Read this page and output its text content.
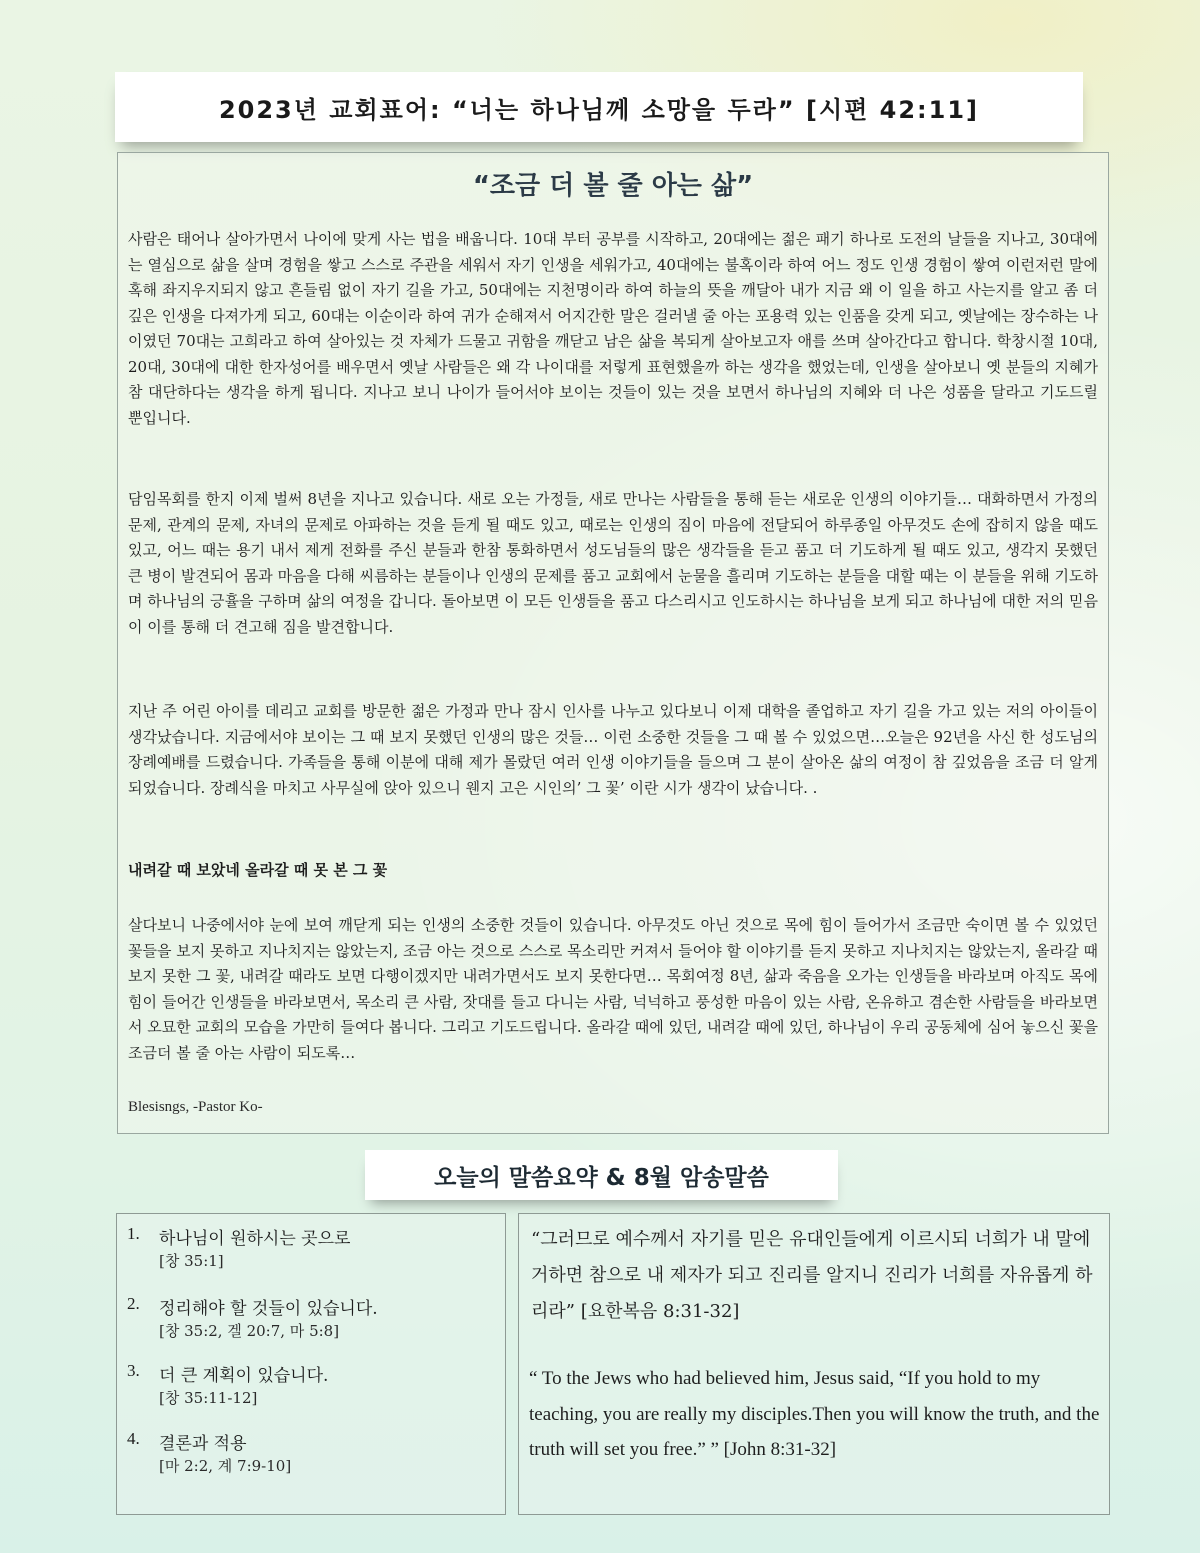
2023년 교회표어: “너는 하나님께 소망을 두라” [시편 42:11]
“조금 더 볼 줄 아는 삶”

사람은 태어나 살아가면서 나이에 맞게 사는 법을 배웁니다. 10대 부터 공부를 시작하고, 20대에는 젊은 패기 하나로 도전의 날들을 지나고, 30대에는 열심으로 삶을 살며 경험을 쌓고 스스로 주관을 세워서 자기 인생을 세워가고, 40대에는 불혹이라 하여 어느 정도 인생 경험이 쌓여 이런저런 말에 혹해 좌지우지되지 않고 흔들림 없이 자기 길을 가고, 50대에는 지천명이라 하여 하늘의 뜻을 깨달아 내가 지금 왜 이 일을 하고 사는지를 알고 좀 더 깊은 인생을 다져가게 되고, 60대는 이순이라 하여 귀가 순해져서 어지간한 말은 걸러낼 줄 아는 포용력 있는 인품을 갖게 되고, 옛날에는 장수하는 나이였던 70대는 고희라고 하여 살아있는 것 자체가 드물고 귀함을 깨닫고 남은 삶을 복되게 살아보고자 애를 쓰며 살아간다고 합니다. 학창시절 10대, 20대, 30대에 대한 한자성어를 배우면서 옛날 사람들은 왜 각 나이대를 저렇게 표현했을까 하는 생각을 했었는데, 인생을 살아보니 옛 분들의 지혜가 참 대단하다는 생각을 하게 됩니다. 지나고 보니 나이가 들어서야 보이는 것들이 있는 것을 보면서 하나님의 지혜와 더 나은 성품을 달라고 기도드릴 뿐입니다.

담임목회를 한지 이제 벌써 8년을 지나고 있습니다. 새로 오는 가정들, 새로 만나는 사람들을 통해 듣는 새로운 인생의 이야기들… 대화하면서 가정의 문제, 관계의 문제, 자녀의 문제로 아파하는 것을 듣게 될 때도 있고, 때로는 인생의 짐이 마음에 전달되어 하루종일 아무것도 손에 잡히지 않을 때도 있고, 어느 때는 용기 내서 제게 전화를 주신 분들과 한참 통화하면서 성도님들의 많은 생각들을 듣고 품고 더 기도하게 될 때도 있고, 생각지 못했던 큰 병이 발견되어 몸과 마음을 다해 씨름하는 분들이나 인생의 문제를 품고 교회에서 눈물을 흘리며 기도하는 분들을 대할 때는 이 분들을 위해 기도하며 하나님의 긍휼을 구하며 삶의 여정을 갑니다. 돌아보면 이 모든 인생들을 품고 다스리시고 인도하시는 하나님을 보게 되고 하나님에 대한 저의 믿음이 이를 통해 더 견고해 짐을 발견합니다.

지난 주 어린 아이를 데리고 교회를 방문한 젊은 가정과 만나 잠시 인사를 나누고 있다보니 이제 대학을 졸업하고 자기 길을 가고 있는 저의 아이들이 생각났습니다. 지금에서야 보이는 그 때 보지 못했던 인생의 많은 것들… 이런 소중한 것들을 그 때 볼 수 있었으면…오늘은 92년을 사신 한 성도님의 장례예배를 드렸습니다. 가족들을 통해 이분에 대해 제가 몰랐던 여러 인생 이야기들을 들으며 그 분이 살아온 삶의 여정이 참 깊었음을 조금 더 알게 되었습니다. 장례식을 마치고 사무실에 앉아 있으니 웬지 고은 시인의’ 그 꽃’ 이란 시가 생각이 났습니다. .

내려갈 때 보았네 올라갈 때 못 본 그 꽃

살다보니 나중에서야 눈에 보여 깨닫게 되는 인생의 소중한 것들이 있습니다. 아무것도 아닌 것으로 목에 힘이 들어가서 조금만 숙이면 볼 수 있었던 꽃들을 보지 못하고 지나치지는 않았는지, 조금 아는 것으로 스스로 목소리만 커져서 들어야 할 이야기를 듣지 못하고 지나치지는 않았는지, 올라갈 때 보지 못한 그 꽃, 내려갈 때라도 보면 다행이겠지만 내려가면서도 보지 못한다면… 목회여정 8년, 삶과 죽음을 오가는 인생들을 바라보며 아직도 목에 힘이 들어간 인생들을 바라보면서, 목소리 큰 사람, 잣대를 들고 다니는 사람, 넉넉하고 풍성한 마음이 있는 사람, 온유하고 겸손한 사람들을 바라보면서 오묘한 교회의 모습을 가만히 들여다 봅니다. 그리고 기도드립니다. 올라갈 때에 있던, 내려갈 때에 있던, 하나님이 우리 공동체에 심어 놓으신 꽃을 조금더 볼 줄 아는 사람이 되도록…

Blesisngs, -Pastor Ko-
오늘의 말씀요약 & 8월 암송말씀
1. 하나님이 원하시는 곳으로
[창 35:1]
2. 정리해야 할 것들이 있습니다.
[창 35:2, 겔 20:7, 마 5:8]
3. 더 큰 계획이 있습니다.
[창 35:11-12]
4. 결론과 적용
[마 2:2, 계 7:9-10]

“그러므로 예수께서 자기를 믿은 유대인들에게 이르시되 너희가 내 말에 거하면 참으로 내 제자가 되고 진리를 알지니 진리가 너희를 자유롭게 하리라” [요한복음 8:31-32]

“ To the Jews who had believed him, Jesus said, “If you hold to my teaching, you are really my disciples.Then you will know the truth, and the truth will set you free.” ” [John 8:31-32]
